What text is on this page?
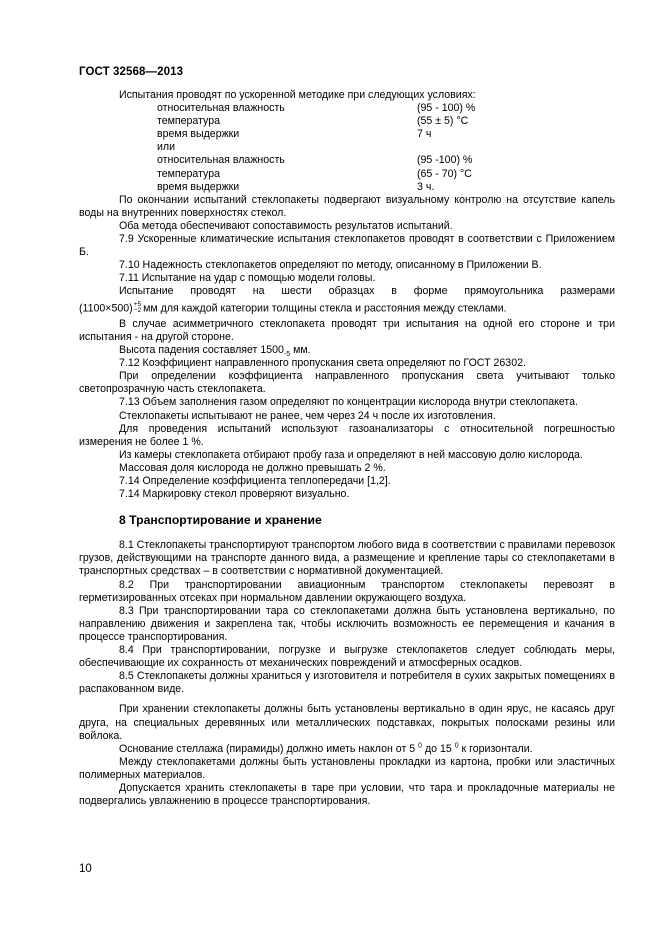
ГОСТ 32568—2013

Испытания проводят по ускоренной методике при следующих условиях:

относительная влажность	(95 - 100) %
температура	(55 ± 5) °С
время выдержки	7 ч
или
относительная влажность	(95 -100) %
температура	(65 - 70) °С
время выдержки	3 ч.

По окончании испытаний стеклопакеты подвергают визуальному контролю на отсутствие капель воды на внутренних поверхностях стекол.

Оба метода обеспечивают сопоставимость результатов испытаний.

7.9 Ускоренные климатические испытания стеклопакетов проводят в соответствии с Приложением Б.

7.10 Надежность стеклопакетов определяют по методу, описанному в Приложении В.

7.11 Испытание на удар с помощью модели головы.

Испытание проводят на шести образцах в форме прямоугольника размерами

(1100×500) +5
−2 мм для каждой категории толщины стекла и расстояния между стеклами.

В случае асимметричного стеклопакета проводят три испытания на одной его стороне и три испытания - на другой стороне.

Высота падения составляет $1500_{-5}$ мм.

7.12 Коэффициент направленного пропускания света определяют по ГОСТ 26302.

При определении коэффициента направленного пропускания света учитывают только светопрозрачную часть стеклопакета.

7.13 Объем заполнения газом определяют по концентрации кислорода внутри стеклопакета.

Стеклопакеты испытывают не ранее, чем через 24 ч после их изготовления.

Для проведения испытаний используют газоанализаторы с относительной погрешностью измерения не более 1 %.

Из камеры стеклопакета отбирают пробу газа и определяют в ней массовую долю кислорода.

Массовая доля кислорода не должно превышать 2 %.

7.14 Определение коэффициента теплопередачи [1,2].

7.14 Маркировку стекол проверяют визуально.

8 Транспортирование и хранение

8.1 Стеклопакеты транспортируют транспортом любого вида в соответствии с правилами перевозок грузов, действующими на транспорте данного вида, а размещение и крепление тары со стеклопакетами в транспортных средствах – в соответствии с нормативной документацией.

8.2 При транспортировании авиационным транспортом стеклопакеты перевозят в герметизированных отсеках при нормальном давлении окружающего воздуха.

8.3 При транспортировании тара со стеклопакетами должна быть установлена вертикально, по направлению движения и закреплена так, чтобы исключить возможность ее перемещения и качания в процессе транспортирования.

8.4 При транспортировании, погрузке и выгрузке стеклопакетов следует соблюдать меры, обеспечивающие их сохранность от механических повреждений и атмосферных осадков.

8.5 Стеклопакеты должны храниться у изготовителя и потребителя в сухих закрытых помещениях в распакованном виде.

При хранении стеклопакеты должны быть установлены вертикально в один ярус, не касаясь друг друга, на специальных деревянных или металлических подставках, покрытых полосками резины или войлока.

Основание стеллажа (пирамиды) должно иметь наклон от 5 $^0$ до 15 $^0$ к горизонтали.

Между стеклопакетами должны быть установлены прокладки из картона, пробки или эластичных полимерных материалов.

Допускается хранить стеклопакеты в таре при условии, что тара и прокладочные материалы не подвергались увлажнению в процессе транспортирования.

10
